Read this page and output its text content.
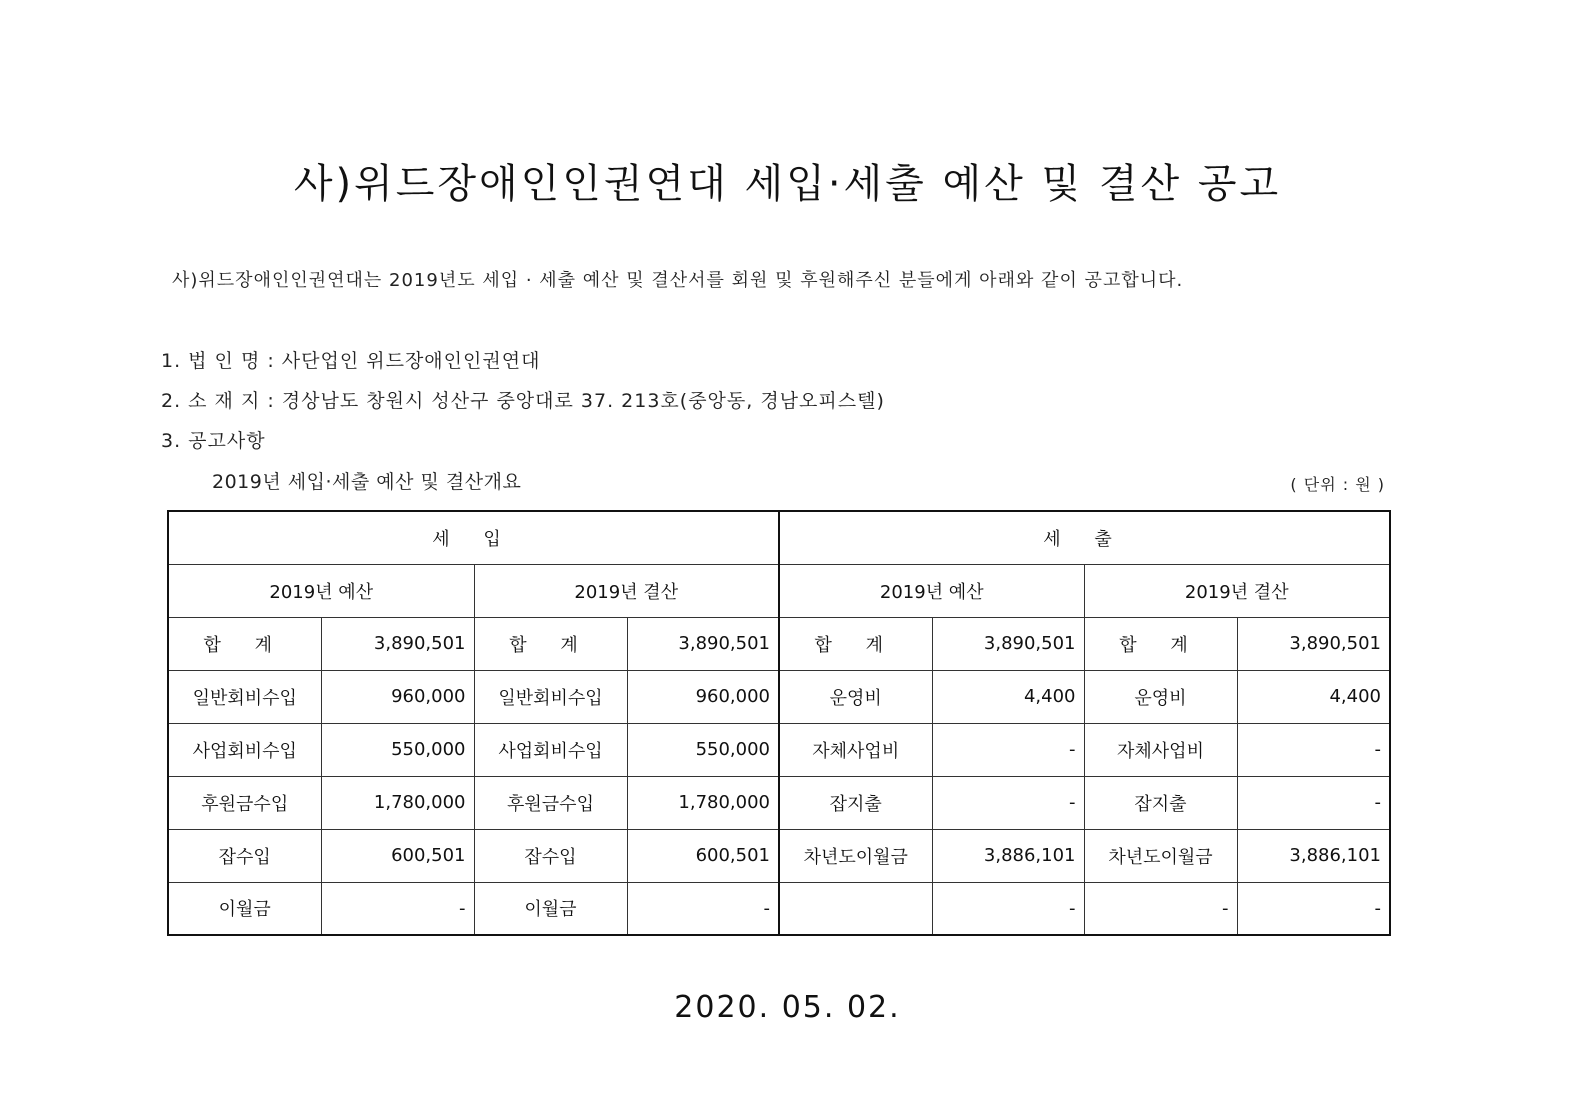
사)위드장애인인권연대 세입·세출 예산 및 결산 공고
사)위드장애인인권연대는 2019년도 세입 · 세출 예산 및 결산서를 회원 및 후원해주신 분들에게 아래와 같이 공고합니다.
1. 법 인 명 : 사단업인 위드장애인인권연대
2. 소 재 지 : 경상남도 창원시 성산구 중앙대로 37. 213호(중앙동, 경남오피스텔)
3. 공고사항
2019년 세입·세출 예산 및 결산개요	( 단위 : 원 )
세 입				세 출			
2019년 예산		2019년 결산		2019년 예산		2019년 결산	
합 계	3,890,501	합 계	3,890,501	합 계	3,890,501	합 계	3,890,501
일반회비수입	960,000	일반회비수입	960,000	운영비	4,400	운영비	4,400
사업회비수입	550,000	사업회비수입	550,000	자체사업비	-	자체사업비	-
후원금수입	1,780,000	후원금수입	1,780,000	잡지출	-	잡지출	-
잡수입	600,501	잡수입	600,501	차년도이월금	3,886,101	차년도이월금	3,886,101
이월금	-	이월금	-		-	-	-
2020. 05. 02.
